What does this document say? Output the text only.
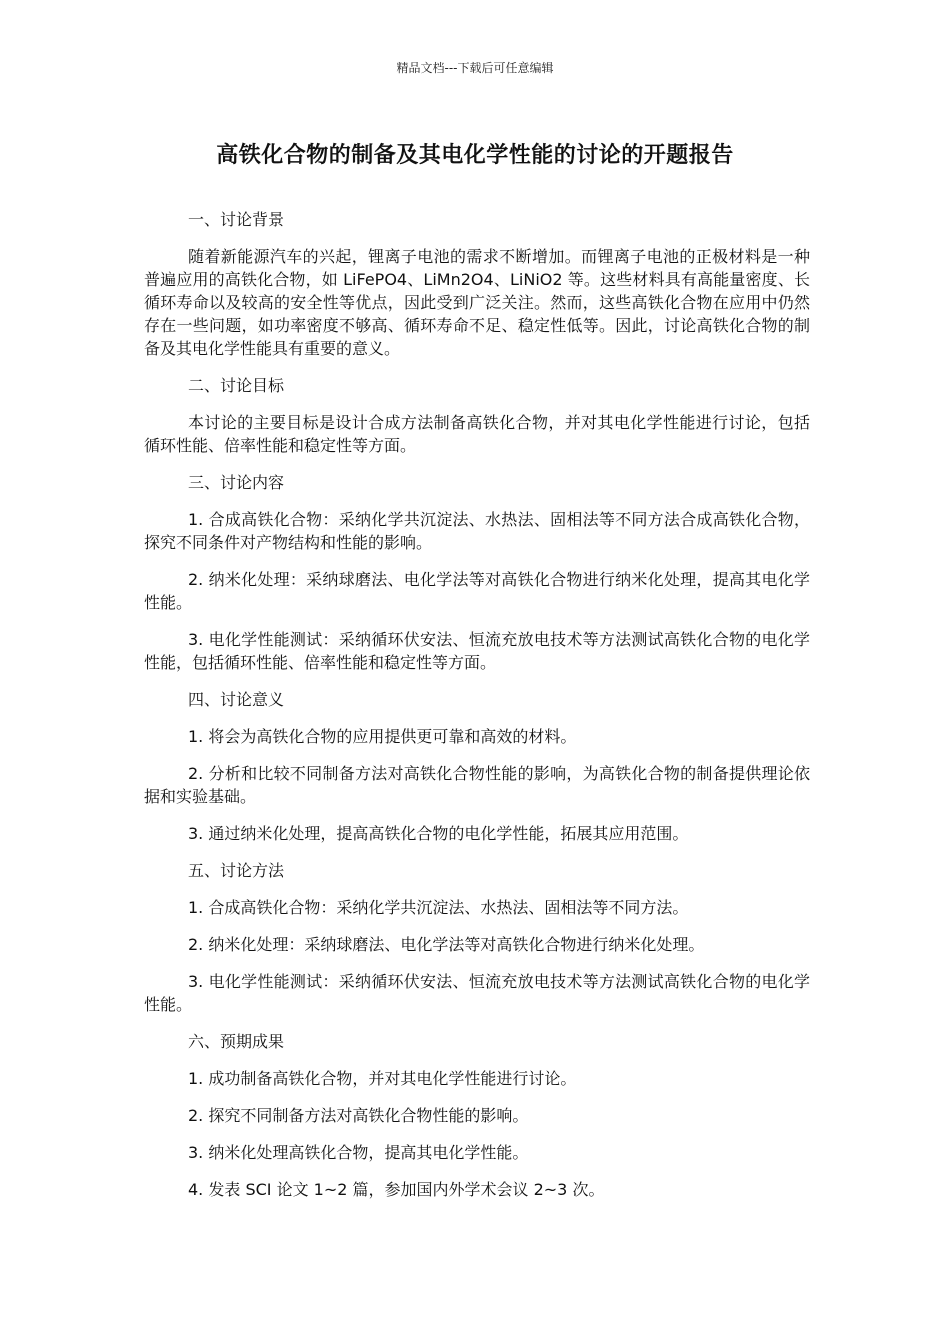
精品文档---下载后可任意编辑
高铁化合物的制备及其电化学性能的讨论的开题报告

一、讨论背景

随着新能源汽车的兴起，锂离子电池的需求不断增加。而锂离子电池的正极材料是一种普遍应用的高铁化合物，如 LiFePO4、LiMn2O4、LiNiO2 等。这些材料具有高能量密度、长循环寿命以及较高的安全性等优点，因此受到广泛关注。然而，这些高铁化合物在应用中仍然存在一些问题，如功率密度不够高、循环寿命不足、稳定性低等。因此，讨论高铁化合物的制备及其电化学性能具有重要的意义。

二、讨论目标

本讨论的主要目标是设计合成方法制备高铁化合物，并对其电化学性能进行讨论，包括循环性能、倍率性能和稳定性等方面。

三、讨论内容

1. 合成高铁化合物：采纳化学共沉淀法、水热法、固相法等不同方法合成高铁化合物，探究不同条件对产物结构和性能的影响。

2. 纳米化处理：采纳球磨法、电化学法等对高铁化合物进行纳米化处理，提高其电化学性能。

3. 电化学性能测试：采纳循环伏安法、恒流充放电技术等方法测试高铁化合物的电化学性能，包括循环性能、倍率性能和稳定性等方面。

四、讨论意义

1. 将会为高铁化合物的应用提供更可靠和高效的材料。

2. 分析和比较不同制备方法对高铁化合物性能的影响，为高铁化合物的制备提供理论依据和实验基础。

3. 通过纳米化处理，提高高铁化合物的电化学性能，拓展其应用范围。

五、讨论方法

1. 合成高铁化合物：采纳化学共沉淀法、水热法、固相法等不同方法。

2. 纳米化处理：采纳球磨法、电化学法等对高铁化合物进行纳米化处理。

3. 电化学性能测试：采纳循环伏安法、恒流充放电技术等方法测试高铁化合物的电化学性能。

六、预期成果

1. 成功制备高铁化合物，并对其电化学性能进行讨论。

2. 探究不同制备方法对高铁化合物性能的影响。

3. 纳米化处理高铁化合物，提高其电化学性能。

4. 发表 SCI 论文 1~2 篇，参加国内外学术会议 2~3 次。
